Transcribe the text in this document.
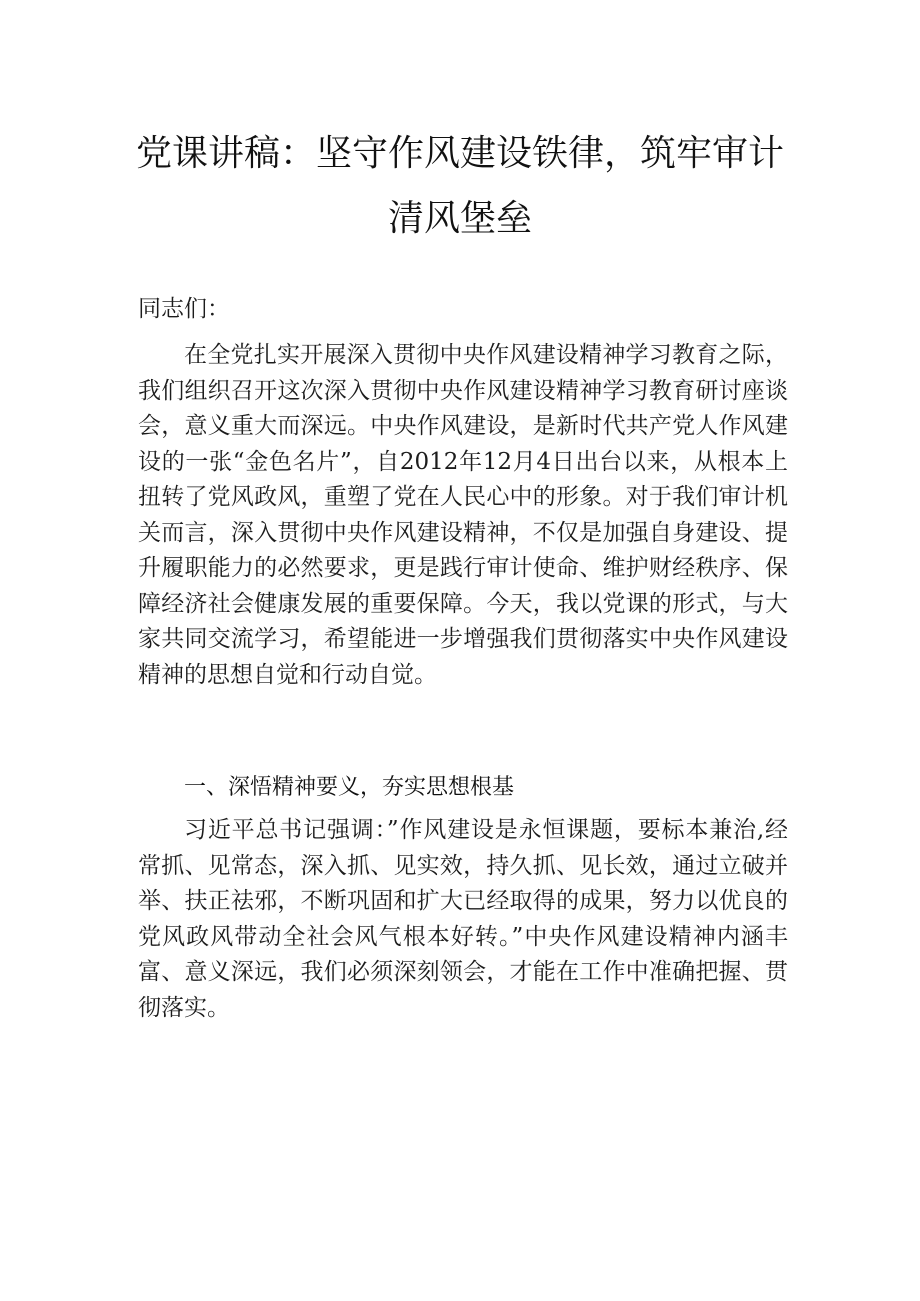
党课讲稿：坚守作风建设铁律，筑牢审计
清风堡垒

同志们：

在全党扎实开展深入贯彻中央作风建设精神学习教育之际，我们组织召开这次深入贯彻中央作风建设精神学习教育研讨座谈会，意义重大而深远。中央作风建设，是新时代共产党人作风建设的一张“金色名片”，自2012年12月4日出台以来，从根本上扭转了党风政风，重塑了党在人民心中的形象。对于我们审计机关而言，深入贯彻中央作风建设精神，不仅是加强自身建设、提升履职能力的必然要求，更是践行审计使命、维护财经秩序、保障经济社会健康发展的重要保障。今天，我以党课的形式，与大家共同交流学习，希望能进一步增强我们贯彻落实中央作风建设精神的思想自觉和行动自觉。

一、深悟精神要义，夯实思想根基

习近平总书记强调：”作风建设是永恒课题，要标本兼治,经常抓、见常态，深入抓、见实效，持久抓、见长效，通过立破并举、扶正祛邪，不断巩固和扩大已经取得的成果，努力以优良的党风政风带动全社会风气根本好转。”中央作风建设精神内涵丰富、意义深远，我们必须深刻领会，才能在工作中准确把握、贯彻落实。
